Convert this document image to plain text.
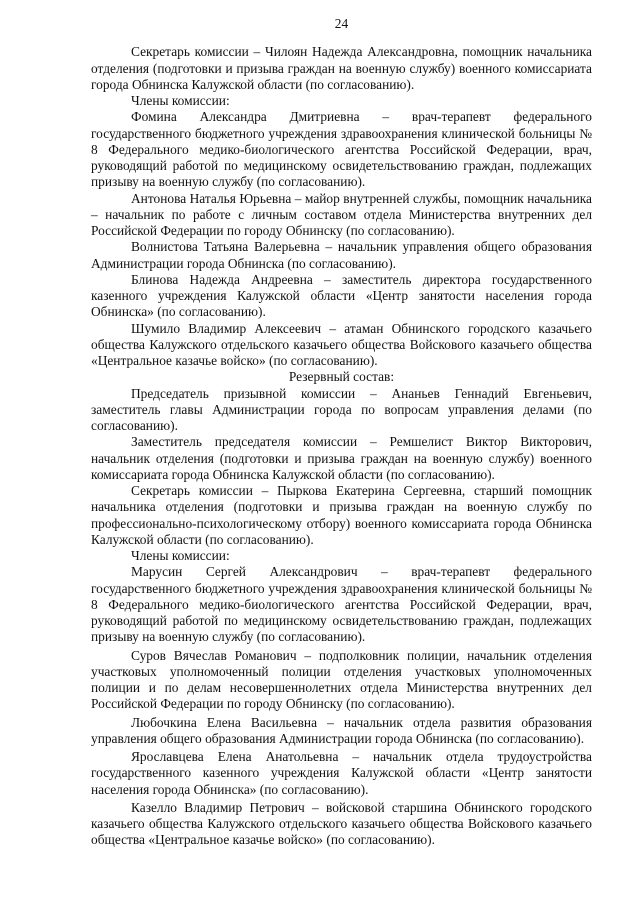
24

Секретарь комиссии – Чилоян Надежда Александровна, помощник начальника отделения (подготовки и призыва граждан на военную службу) военного комиссариата города Обнинска Калужской области (по согласованию).

Члены комиссии:

Фомина Александра Дмитриевна – врач-терапевт федерального государственного бюджетного учреждения здравоохранения клинической больницы № 8 Федерального медико-биологического агентства Российской Федерации, врач, руководящий работой по медицинскому освидетельствованию граждан, подлежащих призыву на военную службу (по согласованию).

Антонова Наталья Юрьевна – майор внутренней службы, помощник начальника – начальник по работе с личным составом отдела Министерства внутренних дел Российской Федерации по городу Обнинску (по согласованию).

Волнистова Татьяна Валерьевна – начальник управления общего образования Администрации города Обнинска (по согласованию).

Блинова Надежда Андреевна – заместитель директора государственного казенного учреждения Калужской области «Центр занятости населения города Обнинска» (по согласованию).

Шумило Владимир Алексеевич – атаман Обнинского городского казачьего общества Калужского отдельского казачьего общества Войскового казачьего общества «Центральное казачье войско» (по согласованию).

Резервный состав:

Председатель призывной комиссии – Ананьев Геннадий Евгеньевич, заместитель главы Администрации города по вопросам управления делами (по согласованию).

Заместитель председателя комиссии – Ремшелист Виктор Викторович, начальник отделения (подготовки и призыва граждан на военную службу) военного комиссариата города Обнинска Калужской области (по согласованию).

Секретарь комиссии – Пыркова Екатерина Сергеевна, старший помощник начальника отделения (подготовки и призыва граждан на военную службу по профессионально-психологическому отбору) военного комиссариата города Обнинска Калужской области (по согласованию).

Члены комиссии:

Марусин Сергей Александрович – врач-терапевт федерального государственного бюджетного учреждения здравоохранения клинической больницы № 8 Федерального медико-биологического агентства Российской Федерации, врач, руководящий работой по медицинскому освидетельствованию граждан, подлежащих призыву на военную службу (по согласованию).

Суров Вячеслав Романович – подполковник полиции, начальник отделения участковых уполномоченный полиции отделения участковых уполномоченных полиции и по делам несовершеннолетних отдела Министерства внутренних дел Российской Федерации по городу Обнинску (по согласованию).

Любочкина Елена Васильевна – начальник отдела развития образования управления общего образования Администрации города Обнинска (по согласованию).

Ярославцева Елена Анатольевна – начальник отдела трудоустройства государственного казенного учреждения Калужской области «Центр занятости населения города Обнинска» (по согласованию).

Казелло Владимир Петрович – войсковой старшина Обнинского городского казачьего общества Калужского отдельского казачьего общества Войскового казачьего общества «Центральное казачье войско» (по согласованию).
